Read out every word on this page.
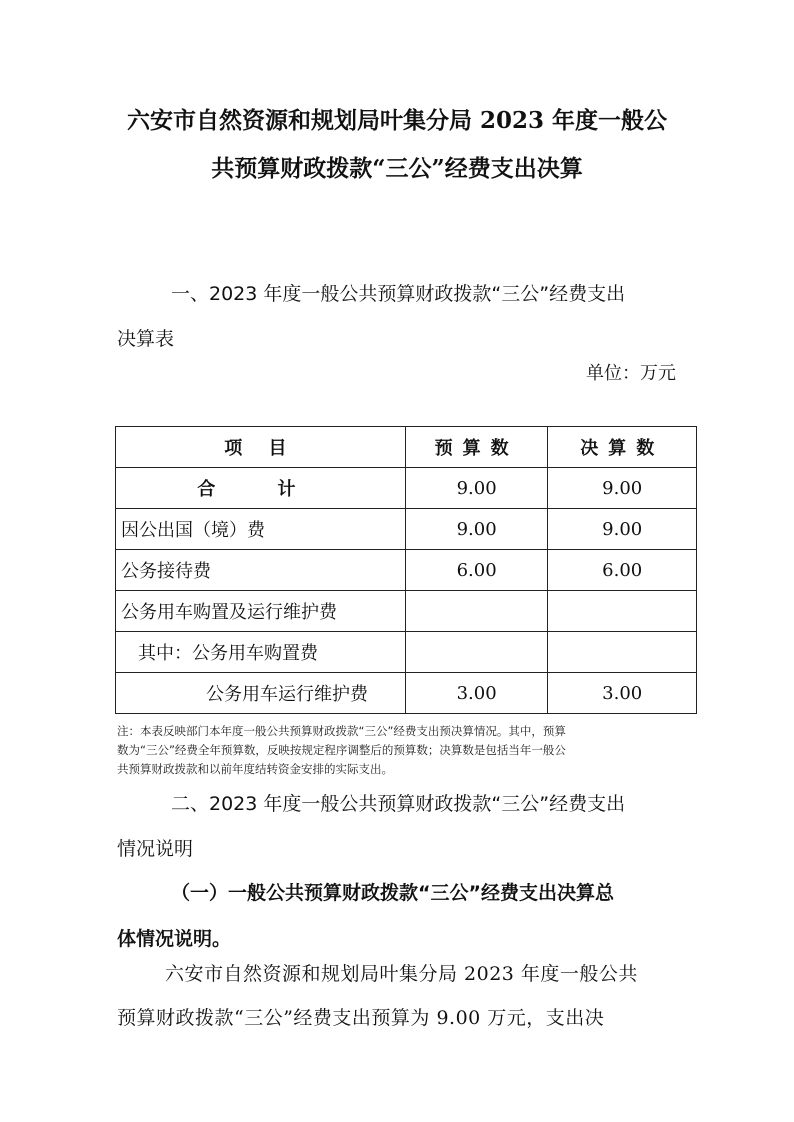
六安市自然资源和规划局叶集分局 2023 年度一般公
共预算财政拨款“三公”经费支出决算
一、2023 年度一般公共预算财政拨款“三公”经费支出
决算表
单位：万元
项 目	预算数	决算数
合 计	9.00	9.00
因公出国（境）费	9.00	9.00
公务接待费	6.00	6.00
公务用车购置及运行维护费		
其中：公务用车购置费		
公务用车运行维护费	3.00	3.00
注：本表反映部门本年度一般公共预算财政拨款“三公”经费支出预决算情况。其中，预算
数为“三公”经费全年预算数，反映按规定程序调整后的预算数；决算数是包括当年一般公
共预算财政拨款和以前年度结转资金安排的实际支出。
二、2023 年度一般公共预算财政拨款“三公”经费支出
情况说明
（一）一般公共预算财政拨款“三公”经费支出决算总
体情况说明。
六安市自然资源和规划局叶集分局 2023 年度一般公共
预算财政拨款“三公”经费支出预算为 9.00 万元，支出决
